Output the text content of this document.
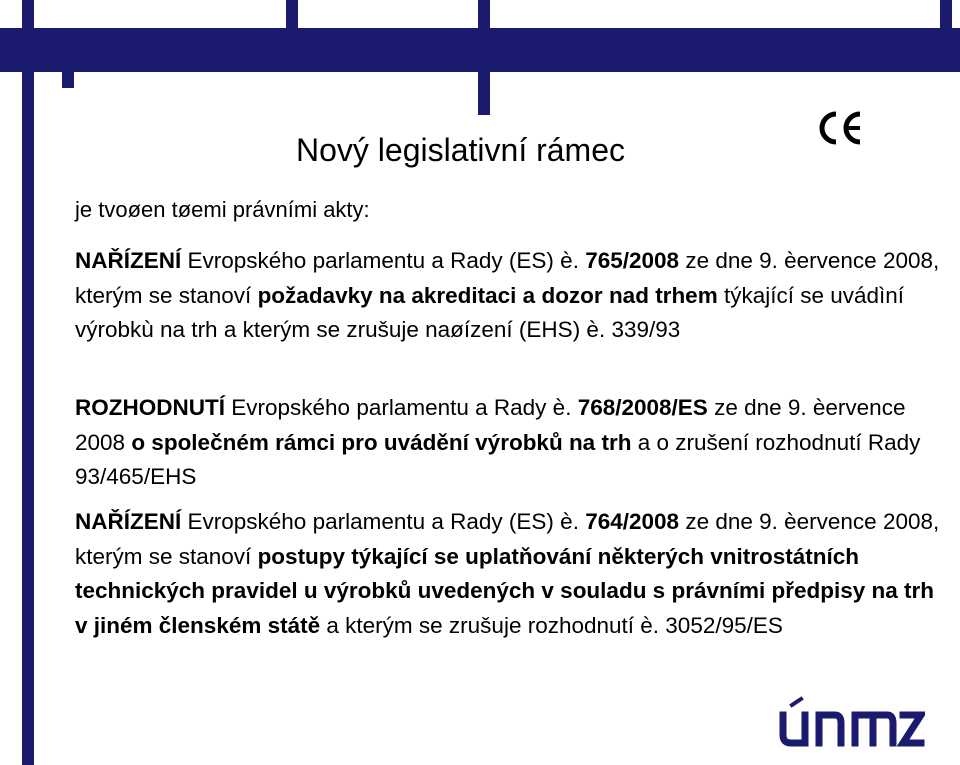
Nový legislativní rámec
je tvoøen tøemi právními akty:
NAŘÍZENÍ Evropského parlamentu a Rady (ES) è. 765/2008 ze dne 9. èervence 2008, kterým se stanoví požadavky na akreditaci a dozor nad trhem týkající se uvádìní výrobkù na trh a kterým se zrušuje naøízení (EHS) è. 339/93
ROZHODNUTÍ Evropského parlamentu a Rady è. 768/2008/ES ze dne 9. èervence 2008 o společném rámci pro uvádění výrobků na trh a o zrušení rozhodnutí Rady 93/465/EHS
NAŘÍZENÍ Evropského parlamentu a Rady (ES) è. 764/2008 ze dne 9. èervence 2008, kterým se stanoví postupy týkající se uplatňování některých vnitrostátních technických pravidel u výrobků uvedených v souladu s právními předpisy na trh v jiném členském státě a kterým se zrušuje rozhodnutí è. 3052/95/ES
